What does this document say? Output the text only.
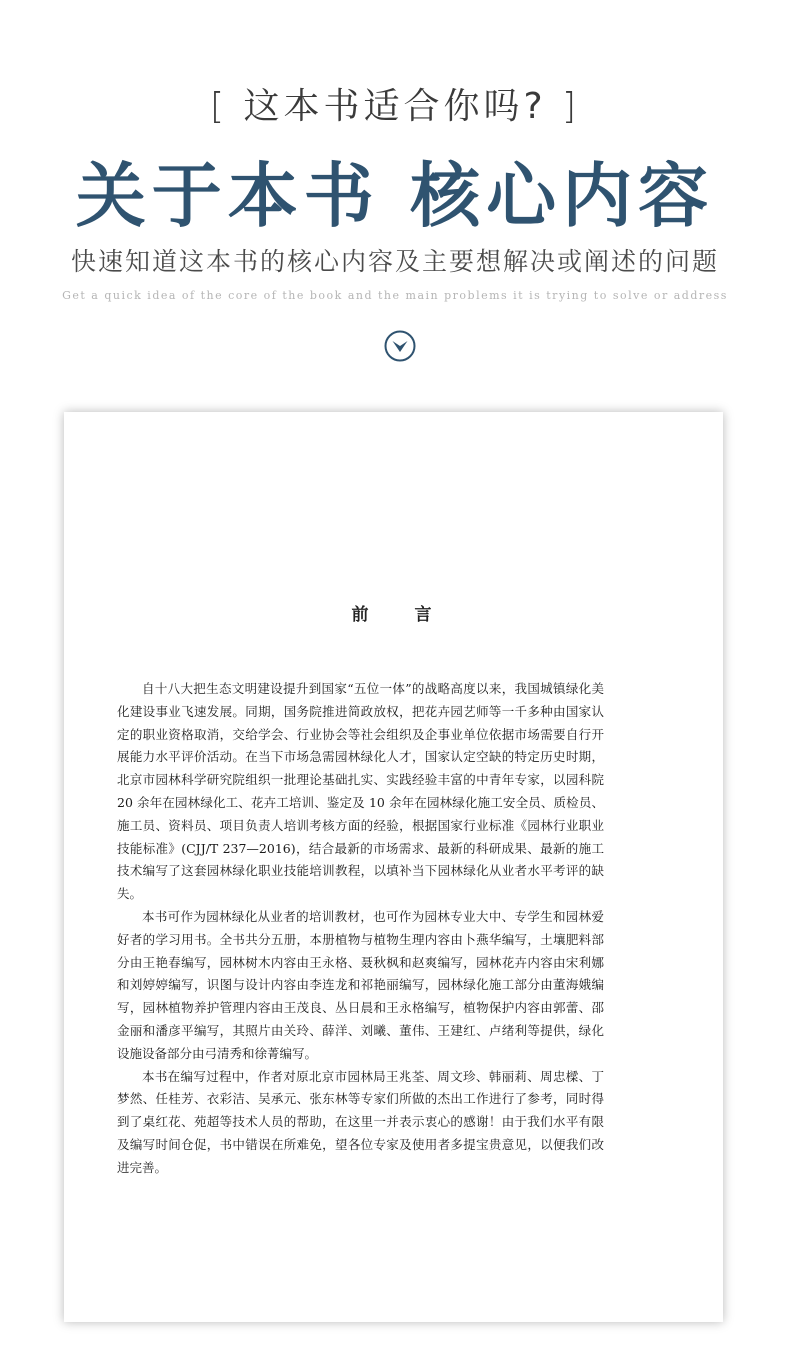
[ 这本书适合你吗? ]
关于本书 核心内容
快速知道这本书的核心内容及主要想解决或阐述的问题
Get a quick idea of the core of the book and the main problems it is trying to solve or address
前 言

自十八大把生态文明建设提升到国家“五位一体”的战略高度以来，我国城镇绿化美化建设事业飞速发展。同期，国务院推进简政放权，把花卉园艺师等一千多种由国家认定的职业资格取消，交给学会、行业协会等社会组织及企事业单位依据市场需要自行开展能力水平评价活动。在当下市场急需园林绿化人才，国家认定空缺的特定历史时期，北京市园林科学研究院组织一批理论基础扎实、实践经验丰富的中青年专家，以园科院 20 余年在园林绿化工、花卉工培训、鉴定及 10 余年在园林绿化施工安全员、质检员、施工员、资料员、项目负责人培训考核方面的经验，根据国家行业标准《园林行业职业技能标准》(CJJ/T 237—2016)，结合最新的市场需求、最新的科研成果、最新的施工技术编写了这套园林绿化职业技能培训教程，以填补当下园林绿化从业者水平考评的缺失。

本书可作为园林绿化从业者的培训教材，也可作为园林专业大中、专学生和园林爱好者的学习用书。全书共分五册，本册植物与植物生理内容由卜燕华编写，土壤肥料部分由王艳春编写，园林树木内容由王永格、聂秋枫和赵爽编写，园林花卉内容由宋利娜和刘婷婷编写，识图与设计内容由李连龙和祁艳丽编写，园林绿化施工部分由董海娥编写，园林植物养护管理内容由王茂良、丛日晨和王永格编写，植物保护内容由郭蕾、邵金丽和潘彦平编写，其照片由关玲、薛洋、刘曦、董伟、王建红、卢绪利等提供，绿化设施设备部分由弓清秀和徐菁编写。

本书在编写过程中，作者对原北京市园林局王兆荃、周文珍、韩丽莉、周忠樑、丁梦然、任桂芳、衣彩洁、吴承元、张东林等专家们所做的杰出工作进行了参考，同时得到了桌红花、苑超等技术人员的帮助，在这里一并表示衷心的感谢！由于我们水平有限及编写时间仓促，书中错误在所难免，望各位专家及使用者多提宝贵意见，以便我们改进完善。
